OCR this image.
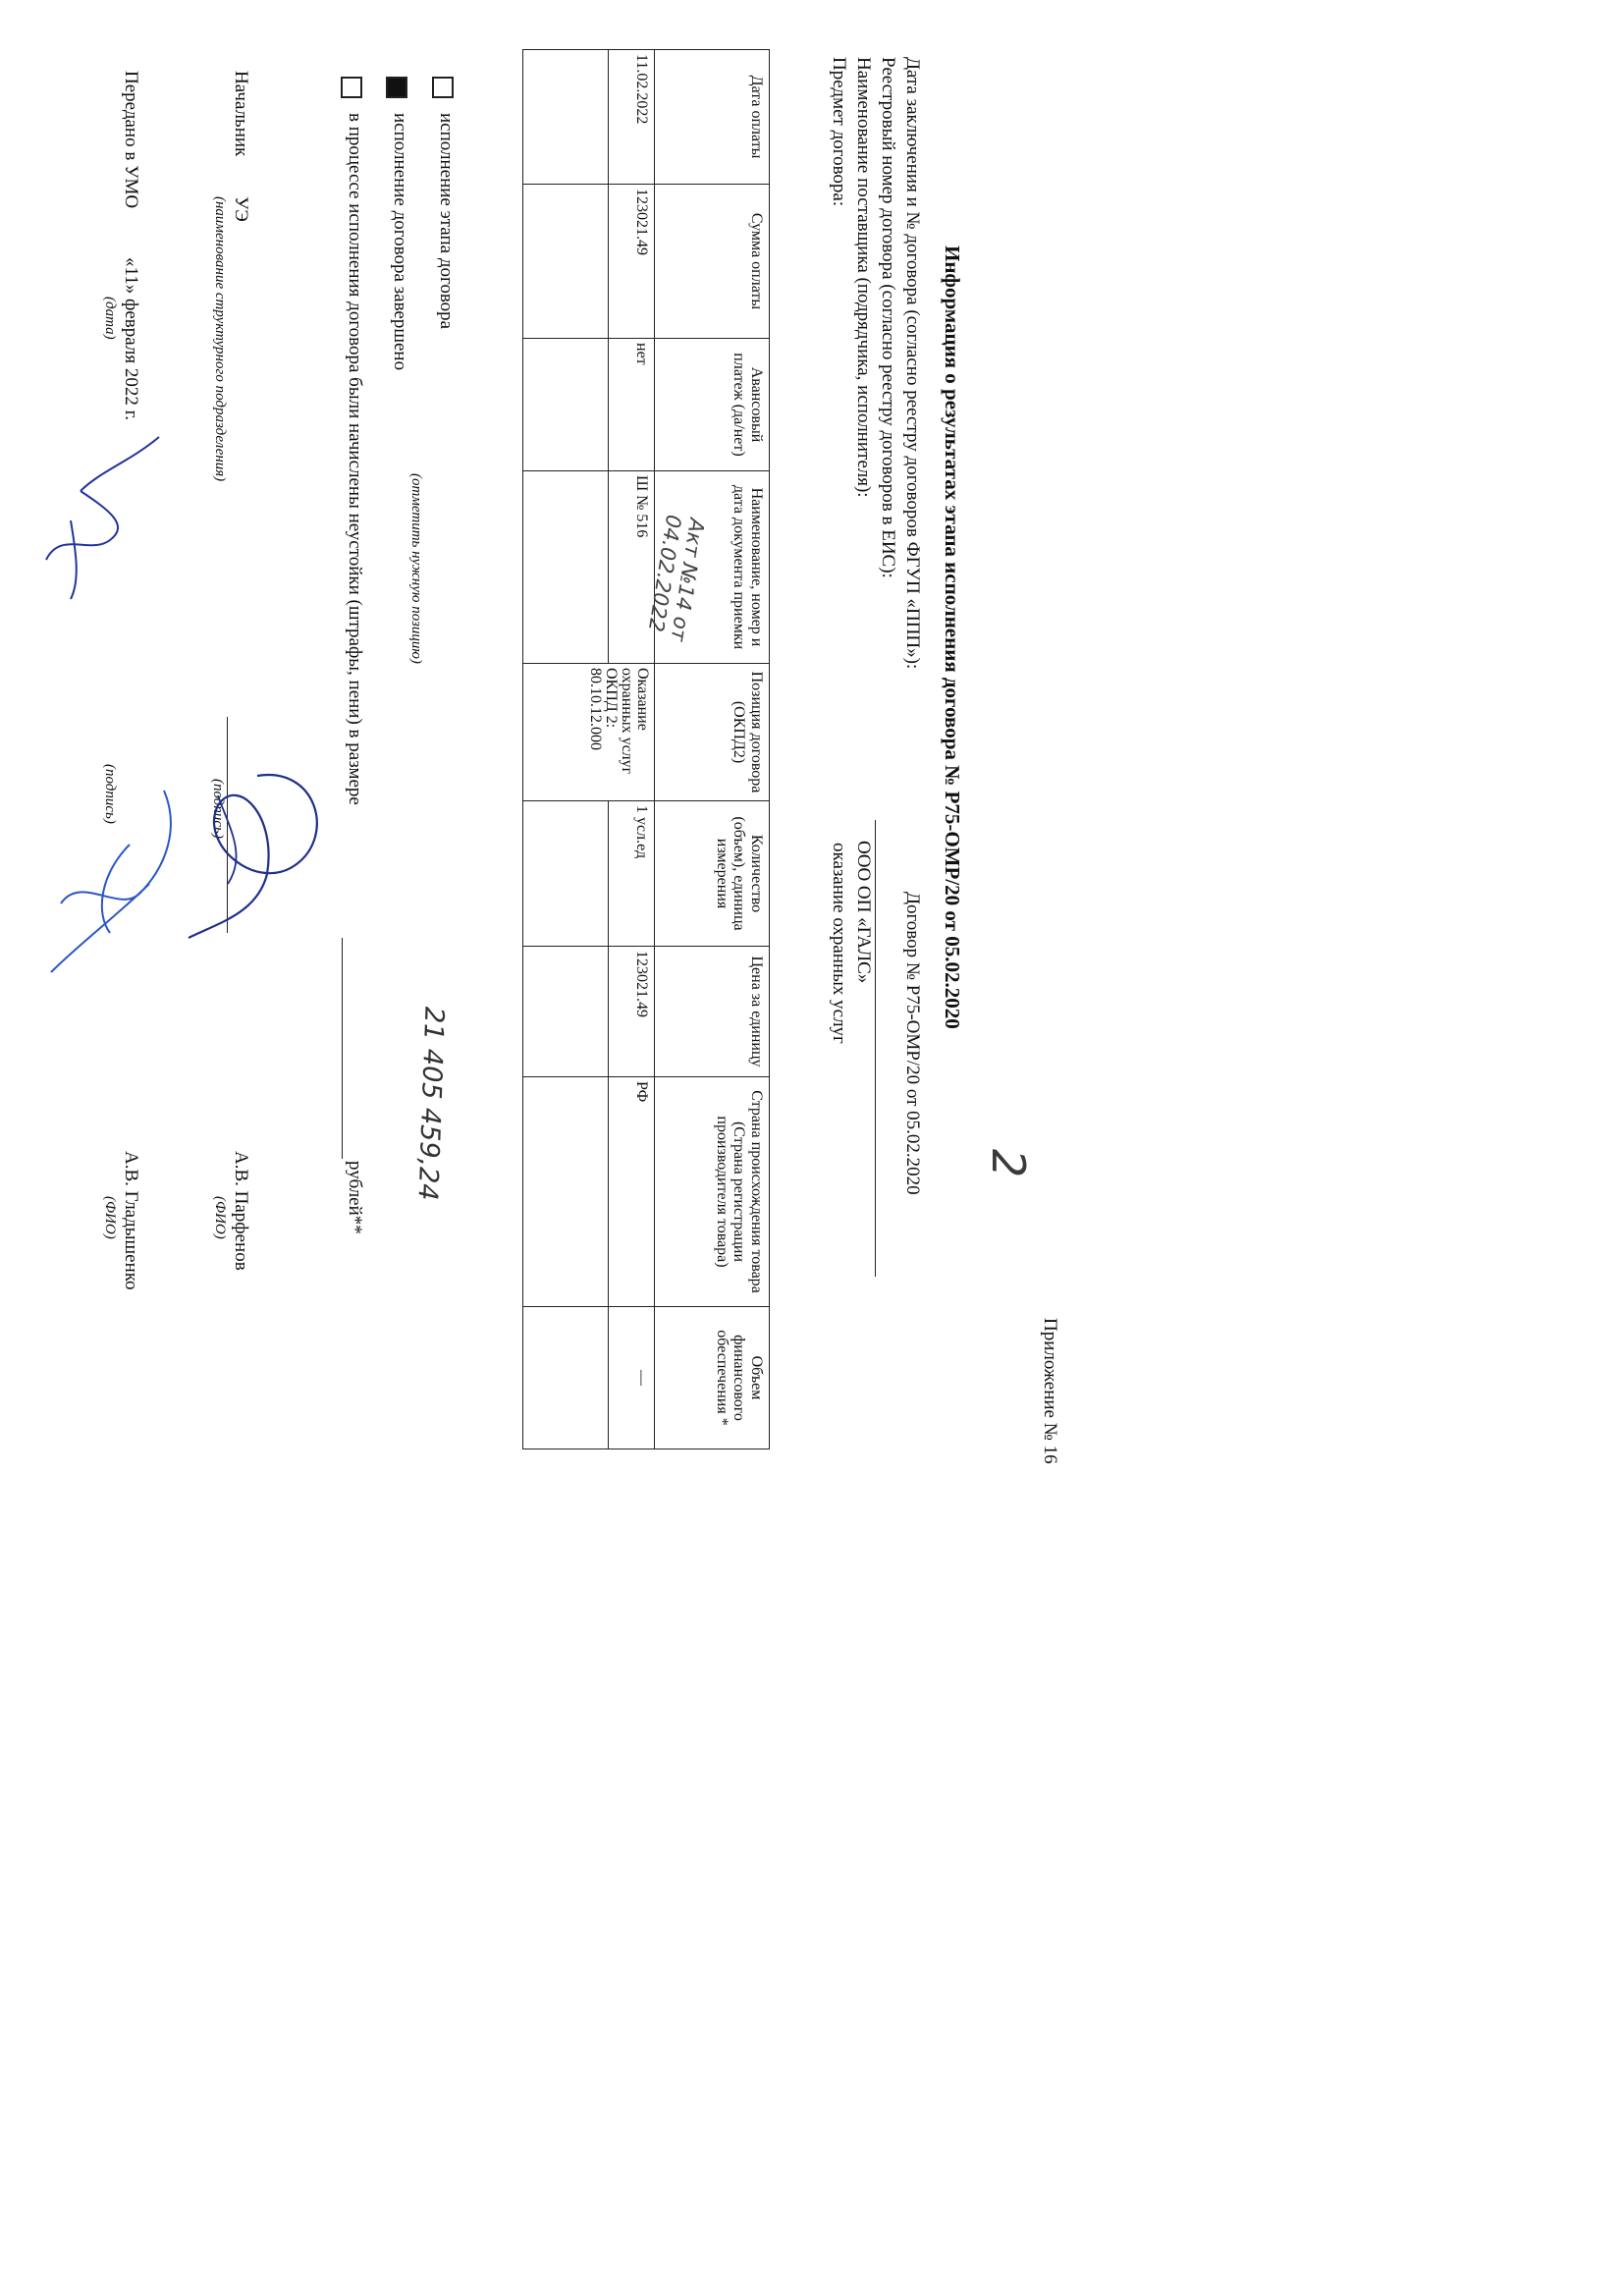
2
Приложение № 16
Информация о результатах этапа исполнения договора № Р75-ОМР/20 от 05.02.2020
Дата заключения и № договора (согласно реестру договоров ФГУП «ППП»):
Договор № Р75-ОМР/20 от 05.02.2020
Реестровый номер договора (согласно реестру договоров в ЕИС):
Наименование поставщика (подрядчика, исполнителя):
ООО ОП «ГАЛС»
Предмет договора:
оказание охранных услуг
Дата оплаты	Сумма оплаты	Авансовый платеж (да/нет)	Наименование, номер и дата документа приемки	Позиция договора (ОКПД2)	Количество (объем), единица измерения	Цена за единицу	Страна происхождения товара (Страна регистрации производителя товара)	Объем финансового обеспечения *
11.02.2022	123021.49	нет	Ш № 516	Оказание охранных услуг ОКПД 2: 80.10.12.000	1 усл.ед	123021.49	РФ	—

Акт №14 от 04.02.2022
исполнение этапа договора
(отметить нужную позицию)
исполнение договора завершено
в процессе исполнения договора были начислены неустойки (штрафы, пени) в размере
рублей** 21 405 459,24
Начальник
УЭ
(наименование структурного подразделения)
(подпись)
А.В. Парфенов
(ФИО)
Передано в УМО
«11» февраля 2022 г.
(дата)
(подпись)
А.В. Гладышенко
(ФИО)
